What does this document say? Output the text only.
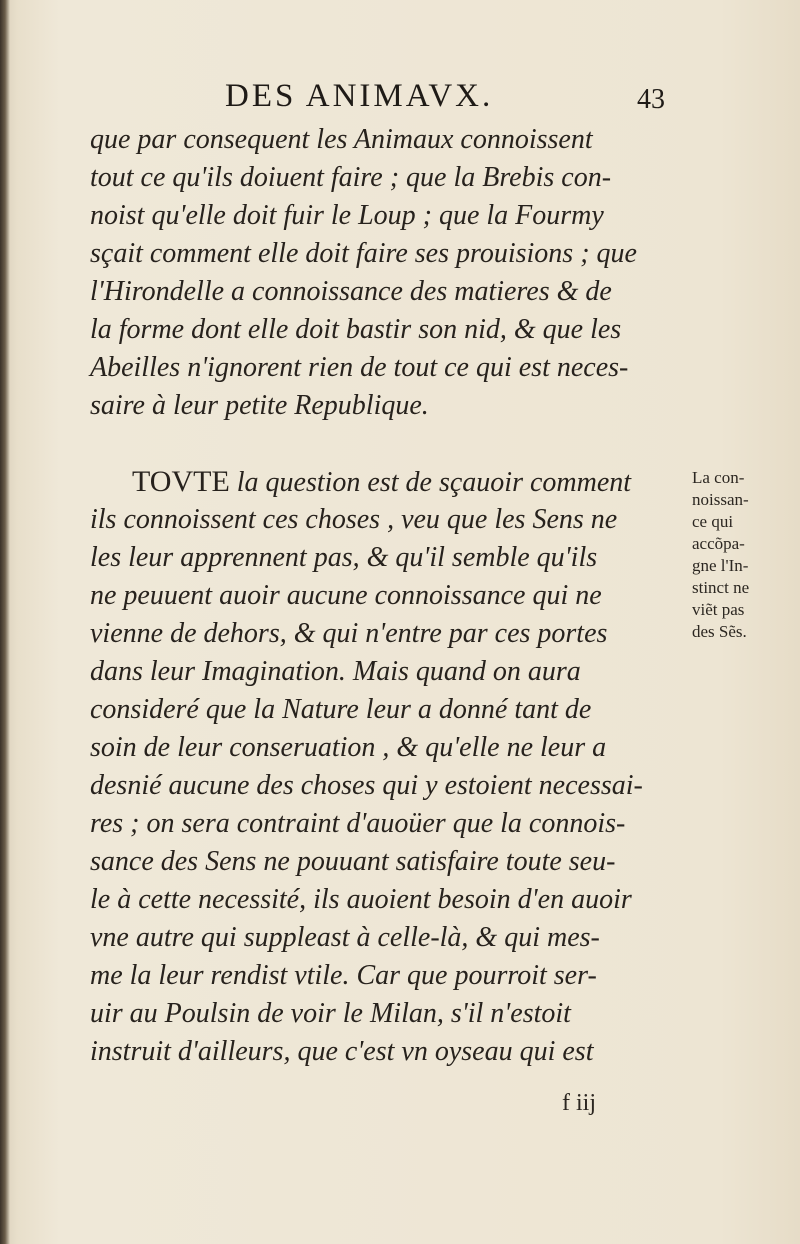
DES ANIMAVX.	43
que par consequent les Animaux connoissent
tout ce qu'ils doiuent faire ; que la Brebis con-
noist qu'elle doit fuir le Loup ; que la Fourmy
sçait comment elle doit faire ses prouisions ; que
l'Hirondelle a connoissance des matieres & de
la forme dont elle doit bastir son nid, & que les
Abeilles n'ignorent rien de tout ce qui est neces-
saire à leur petite Republique.
TOVTE la question est de sçauoir comment
ils connoissent ces choses , veu que les Sens ne
les leur apprennent pas, & qu'il semble qu'ils
ne peuuent auoir aucune connoissance qui ne
vienne de dehors, & qui n'entre par ces portes
dans leur Imagination. Mais quand on aura
consideré que la Nature leur a donné tant de
soin de leur conseruation , & qu'elle ne leur a
desnié aucune des choses qui y estoient necessai-
res ; on sera contraint d'auoüer que la connois-
sance des Sens ne pouuant satisfaire toute seu-
le à cette necessité, ils auoient besoin d'en auoir
vne autre qui suppleast à celle-là, & qui mes-
me la leur rendist vtile. Car que pourroit ser-
uir au Poulsin de voir le Milan, s'il n'estoit
instruit d'ailleurs, que c'est vn oyseau qui est
La con-
noissan-
ce qui
accõpa-
gne l'In-
stinct ne
viẽt pas
des Sẽs.
f iij
